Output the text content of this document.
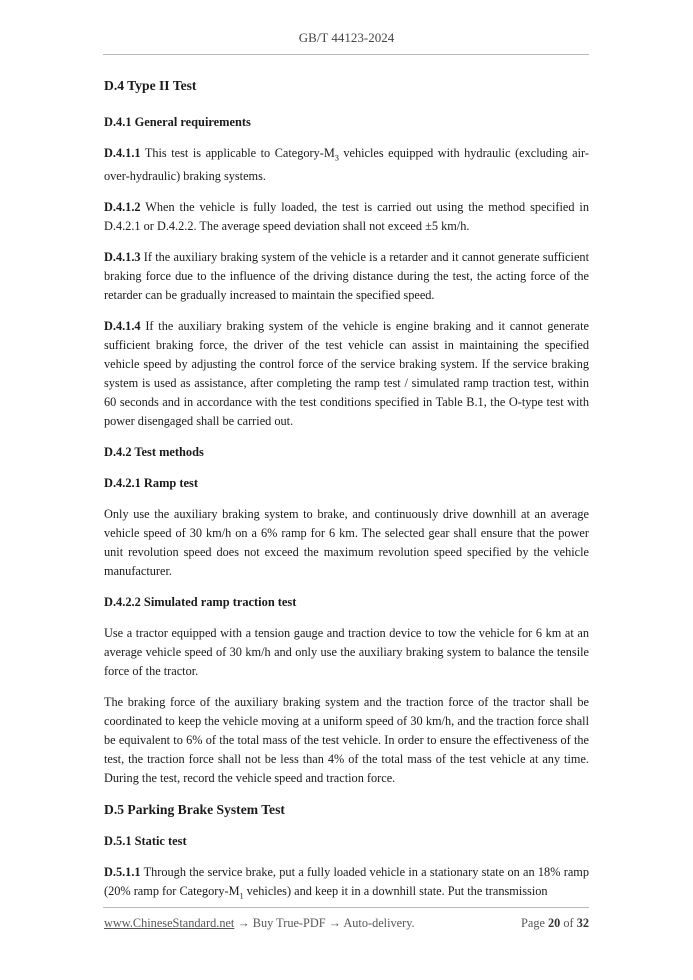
GB/T 44123-2024
D.4 Type II Test
D.4.1 General requirements
D.4.1.1 This test is applicable to Category-$M_3$ vehicles equipped with hydraulic (excluding air-over-hydraulic) braking systems.
D.4.1.2 When the vehicle is fully loaded, the test is carried out using the method specified in D.4.2.1 or D.4.2.2. The average speed deviation shall not exceed ±5 km/h.
D.4.1.3 If the auxiliary braking system of the vehicle is a retarder and it cannot generate sufficient braking force due to the influence of the driving distance during the test, the acting force of the retarder can be gradually increased to maintain the specified speed.
D.4.1.4 If the auxiliary braking system of the vehicle is engine braking and it cannot generate sufficient braking force, the driver of the test vehicle can assist in maintaining the specified vehicle speed by adjusting the control force of the service braking system. If the service braking system is used as assistance, after completing the ramp test / simulated ramp traction test, within 60 seconds and in accordance with the test conditions specified in Table B.1, the O-type test with power disengaged shall be carried out.
D.4.2 Test methods
D.4.2.1 Ramp test
Only use the auxiliary braking system to brake, and continuously drive downhill at an average vehicle speed of 30 km/h on a 6% ramp for 6 km. The selected gear shall ensure that the power unit revolution speed does not exceed the maximum revolution speed specified by the vehicle manufacturer.
D.4.2.2 Simulated ramp traction test
Use a tractor equipped with a tension gauge and traction device to tow the vehicle for 6 km at an average vehicle speed of 30 km/h and only use the auxiliary braking system to balance the tensile force of the tractor.
The braking force of the auxiliary braking system and the traction force of the tractor shall be coordinated to keep the vehicle moving at a uniform speed of 30 km/h, and the traction force shall be equivalent to 6% of the total mass of the test vehicle. In order to ensure the effectiveness of the test, the traction force shall not be less than 4% of the total mass of the test vehicle at any time. During the test, record the vehicle speed and traction force.
D.5 Parking Brake System Test
D.5.1 Static test
D.5.1.1 Through the service brake, put a fully loaded vehicle in a stationary state on an 18% ramp (20% ramp for Category-$M_1$ vehicles) and keep it in a downhill state. Put the transmission
www.ChineseStandard.net → Buy True-PDF → Auto-delivery.	Page 20 of 32
